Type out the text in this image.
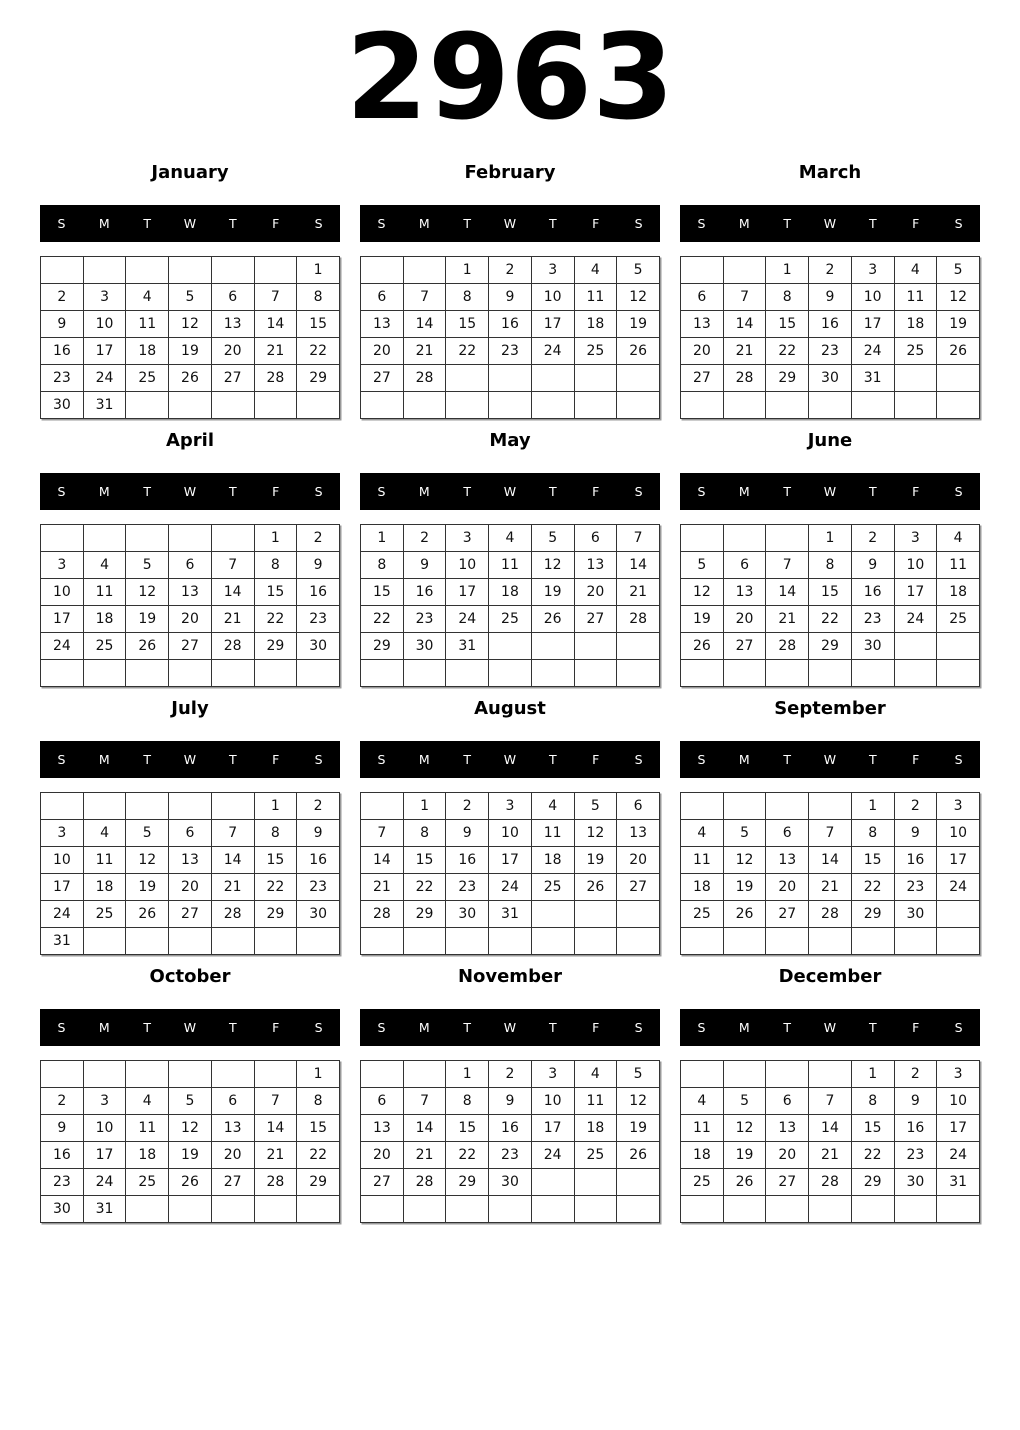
2963
January
S	M	T	W	T	F	S
						1
2	3	4	5	6	7	8
9	10	11	12	13	14	15
16	17	18	19	20	21	22
23	24	25	26	27	28	29
30	31					
February
S	M	T	W	T	F	S
		1	2	3	4	5
6	7	8	9	10	11	12
13	14	15	16	17	18	19
20	21	22	23	24	25	26
27	28					

March
S	M	T	W	T	F	S
		1	2	3	4	5
6	7	8	9	10	11	12
13	14	15	16	17	18	19
20	21	22	23	24	25	26
27	28	29	30	31		

April
S	M	T	W	T	F	S
					1	2
3	4	5	6	7	8	9
10	11	12	13	14	15	16
17	18	19	20	21	22	23
24	25	26	27	28	29	30

May
S	M	T	W	T	F	S
1	2	3	4	5	6	7
8	9	10	11	12	13	14
15	16	17	18	19	20	21
22	23	24	25	26	27	28
29	30	31				

June
S	M	T	W	T	F	S
			1	2	3	4
5	6	7	8	9	10	11
12	13	14	15	16	17	18
19	20	21	22	23	24	25
26	27	28	29	30		

July
S	M	T	W	T	F	S
					1	2
3	4	5	6	7	8	9
10	11	12	13	14	15	16
17	18	19	20	21	22	23
24	25	26	27	28	29	30
31						
August
S	M	T	W	T	F	S
	1	2	3	4	5	6
7	8	9	10	11	12	13
14	15	16	17	18	19	20
21	22	23	24	25	26	27
28	29	30	31			

September
S	M	T	W	T	F	S
				1	2	3
4	5	6	7	8	9	10
11	12	13	14	15	16	17
18	19	20	21	22	23	24
25	26	27	28	29	30	

October
S	M	T	W	T	F	S
						1
2	3	4	5	6	7	8
9	10	11	12	13	14	15
16	17	18	19	20	21	22
23	24	25	26	27	28	29
30	31					
November
S	M	T	W	T	F	S
		1	2	3	4	5
6	7	8	9	10	11	12
13	14	15	16	17	18	19
20	21	22	23	24	25	26
27	28	29	30			

December
S	M	T	W	T	F	S
				1	2	3
4	5	6	7	8	9	10
11	12	13	14	15	16	17
18	19	20	21	22	23	24
25	26	27	28	29	30	31
